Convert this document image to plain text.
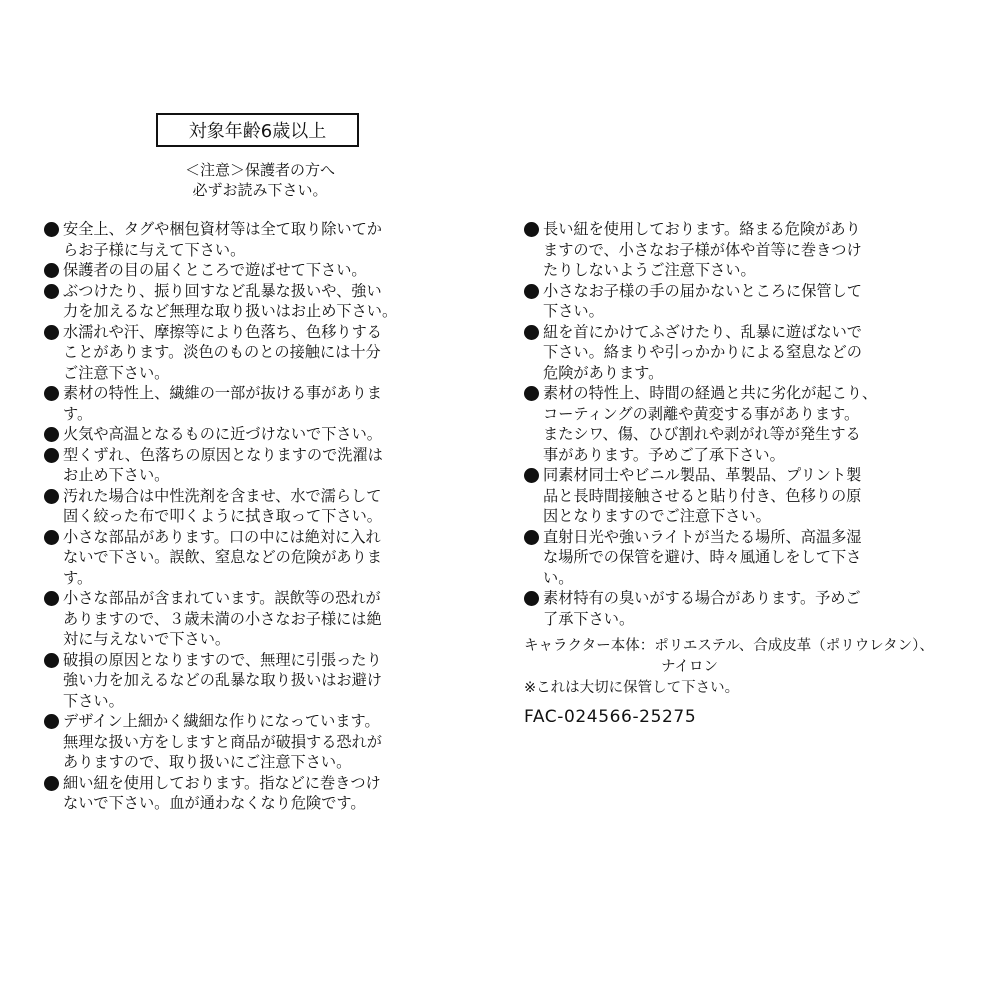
対象年齢6歳以上
＜注意＞保護者の方へ
必ずお読み下さい。
安全上、タグや梱包資材等は全て取り除いてか
らお子様に与えて下さい。
保護者の目の届くところで遊ばせて下さい。
ぶつけたり、振り回すなど乱暴な扱いや、強い
力を加えるなど無理な取り扱いはお止め下さい。
水濡れや汗、摩擦等により色落ち、色移りする
ことがあります。淡色のものとの接触には十分
ご注意下さい。
素材の特性上、繊維の一部が抜ける事がありま
す。
火気や高温となるものに近づけないで下さい。
型くずれ、色落ちの原因となりますので洗濯は
お止め下さい。
汚れた場合は中性洗剤を含ませ、水で濡らして
固く絞った布で叩くように拭き取って下さい。
小さな部品があります。口の中には絶対に入れ
ないで下さい。誤飲、窒息などの危険がありま
す。
小さな部品が含まれています。誤飲等の恐れが
ありますので、３歳未満の小さなお子様には絶
対に与えないで下さい。
破損の原因となりますので、無理に引張ったり
強い力を加えるなどの乱暴な取り扱いはお避け
下さい。
デザイン上細かく繊細な作りになっています。
無理な扱い方をしますと商品が破損する恐れが
ありますので、取り扱いにご注意下さい。
細い紐を使用しております。指などに巻きつけ
ないで下さい。血が通わなくなり危険です。
長い紐を使用しております。絡まる危険があり
ますので、小さなお子様が体や首等に巻きつけ
たりしないようご注意下さい。
小さなお子様の手の届かないところに保管して
下さい。
紐を首にかけてふざけたり、乱暴に遊ばないで
下さい。絡まりや引っかかりによる窒息などの
危険があります。
素材の特性上、時間の経過と共に劣化が起こり、
コーティングの剥離や黄変する事があります。
またシワ、傷、ひび割れや剥がれ等が発生する
事があります。予めご了承下さい。
同素材同士やビニル製品、革製品、プリント製
品と長時間接触させると貼り付き、色移りの原
因となりますのでご注意下さい。
直射日光や強いライトが当たる場所、高温多湿
な場所での保管を避け、時々風通しをして下さ
い。
素材特有の臭いがする場合があります。予めご
了承下さい。
キャラクター本体：ポリエステル、合成皮革（ポリウレタン）、
ナイロン
※これは大切に保管して下さい。
FAC-024566-25275
